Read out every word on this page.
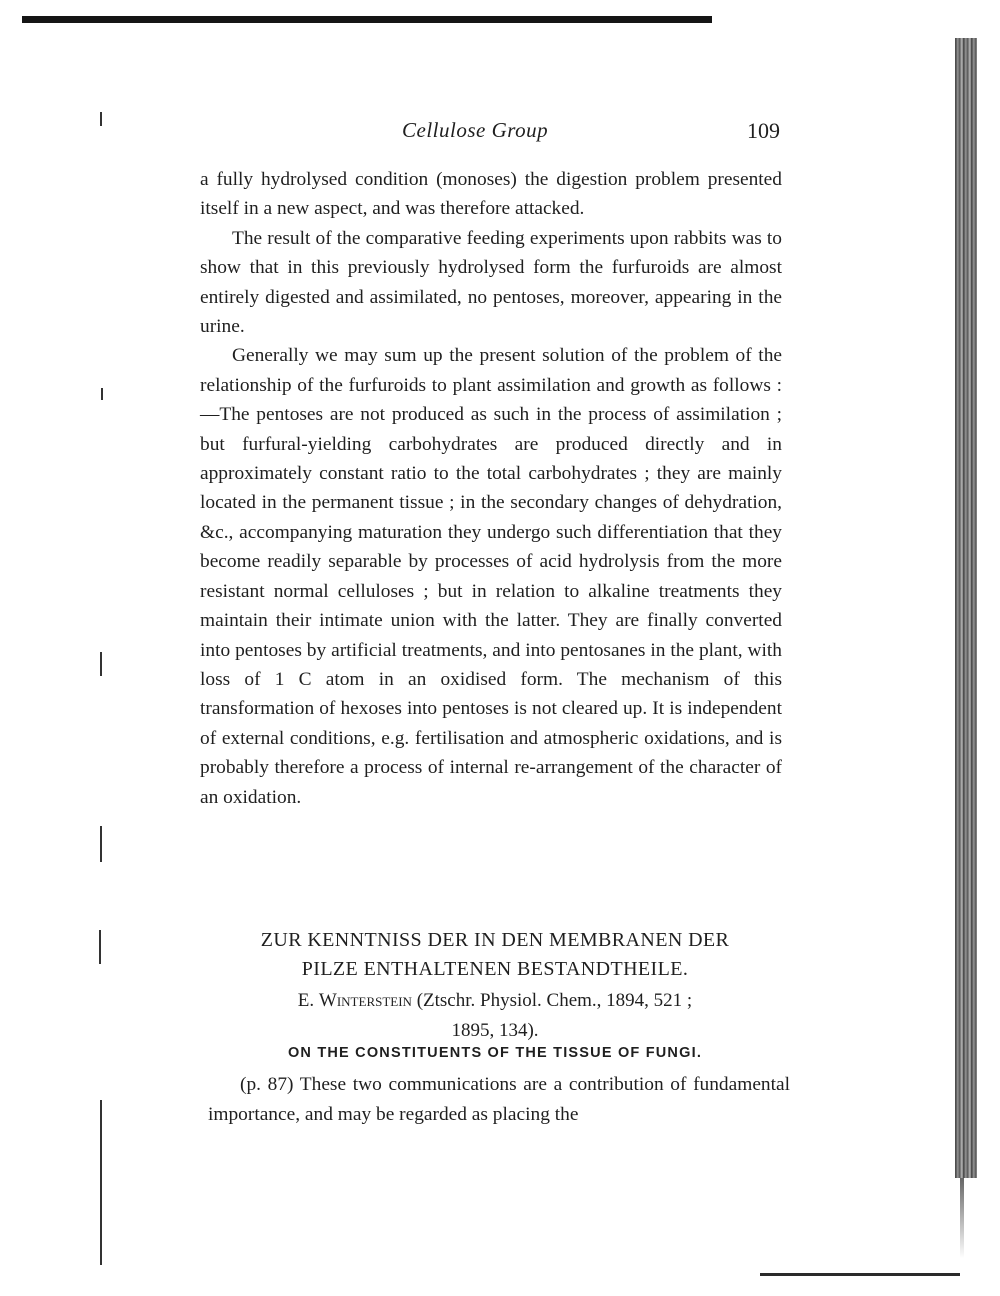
Cellulose Group	109

a fully hydrolysed condition (monoses) the digestion problem presented itself in a new aspect, and was therefore attacked.

The result of the comparative feeding experiments upon rabbits was to show that in this previously hydrolysed form the furfuroids are almost entirely digested and assimilated, no pentoses, moreover, appearing in the urine.

Generally we may sum up the present solution of the problem of the relationship of the furfuroids to plant assimilation and growth as follows :—The pentoses are not produced as such in the process of assimilation ; but furfural-yielding carbohydrates are produced directly and in approximately constant ratio to the total carbohydrates ; they are mainly located in the permanent tissue ; in the secondary changes of dehydration, &c., accompanying maturation they undergo such differentiation that they become readily separable by processes of acid hydrolysis from the more resistant normal celluloses ; but in relation to alkaline treatments they maintain their intimate union with the latter. They are finally converted into pentoses by artificial treatments, and into pentosanes in the plant, with loss of 1 C atom in an oxidised form. The mechanism of this transformation of hexoses into pentoses is not cleared up. It is independent of external conditions, e.g. fertilisation and atmospheric oxidations, and is probably therefore a process of internal re-arrangement of the character of an oxidation.

ZUR KENNTNISS DER IN DEN MEMBRANEN DER
PILZE ENTHALTENEN BESTANDTHEILE.
E. Winterstein (Ztschr. Physiol. Chem., 1894, 521 ;
1895, 134).
ON THE CONSTITUENTS OF THE TISSUE OF FUNGI.

(p. 87) These two communications are a contribution of fundamental importance, and may be regarded as placing the
